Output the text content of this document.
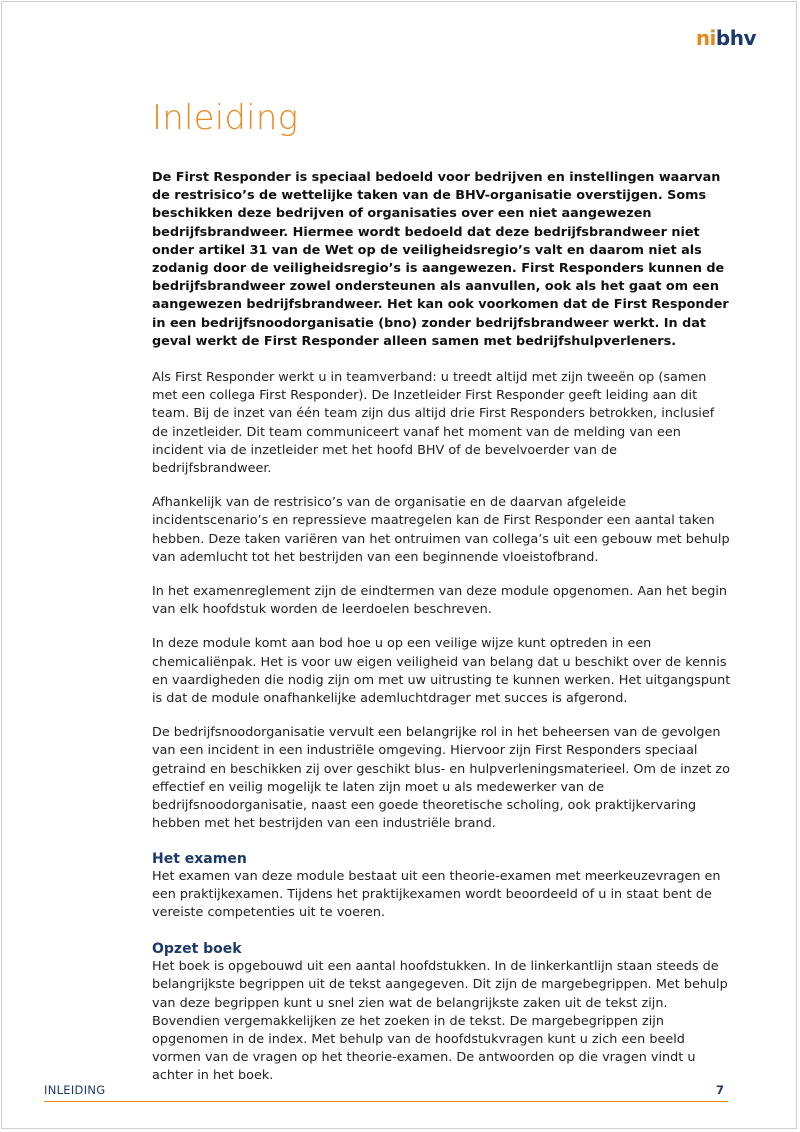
nibhv
Inleiding

De First Responder is speciaal bedoeld voor bedrijven en instellingen waarvan de restrisico’s de wettelijke taken van de BHV-organisatie overstijgen. Soms beschikken deze bedrijven of organisaties over een niet aangewezen bedrijfsbrandweer. Hiermee wordt bedoeld dat deze bedrijfsbrandweer niet onder artikel 31 van de Wet op de veiligheidsregio’s valt en daarom niet als zodanig door de veiligheidsregio’s is aangewezen. First Responders kunnen de bedrijfsbrandweer zowel ondersteunen als aanvullen, ook als het gaat om een aangewezen bedrijfsbrandweer. Het kan ook voorkomen dat de First Responder in een bedrijfsnoodorganisatie (bno) zonder bedrijfsbrandweer werkt. In dat geval werkt de First Responder alleen samen met bedrijfshulpverleners.

Als First Responder werkt u in teamverband: u treedt altijd met zijn tweeën op (samen met een collega First Responder). De Inzetleider First Responder geeft leiding aan dit team. Bij de inzet van één team zijn dus altijd drie First Responders betrokken, inclusief de inzetleider. Dit team communiceert vanaf het moment van de melding van een incident via de inzetleider met het hoofd BHV of de bevelvoerder van de bedrijfsbrandweer.

Afhankelijk van de restrisico’s van de organisatie en de daarvan afgeleide incidentscenario’s en repressieve maatregelen kan de First Responder een aantal taken hebben. Deze taken variëren van het ontruimen van collega’s uit een gebouw met behulp van ademlucht tot het bestrijden van een beginnende vloeistofbrand.

In het examenreglement zijn de eindtermen van deze module opgenomen. Aan het begin van elk hoofdstuk worden de leerdoelen beschreven.

In deze module komt aan bod hoe u op een veilige wijze kunt optreden in een chemicaliënpak. Het is voor uw eigen veiligheid van belang dat u beschikt over de kennis en vaardigheden die nodig zijn om met uw uitrusting te kunnen werken. Het uitgangspunt is dat de module onafhankelijke ademluchtdrager met succes is afgerond.

De bedrijfsnoodorganisatie vervult een belangrijke rol in het beheersen van de gevolgen van een incident in een industriële omgeving. Hiervoor zijn First Responders speciaal getraind en beschikken zij over geschikt blus- en hulpverleningsmaterieel. Om de inzet zo effectief en veilig mogelijk te laten zijn moet u als medewerker van de bedrijfsnoodorganisatie, naast een goede theoretische scholing, ook praktijkervaring hebben met het bestrijden van een industriële brand.

Het examen

Het examen van deze module bestaat uit een theorie-examen met meerkeuzevragen en een praktijkexamen. Tijdens het praktijkexamen wordt beoordeeld of u in staat bent de vereiste competenties uit te voeren.

Opzet boek

Het boek is opgebouwd uit een aantal hoofdstukken. In de linkerkantlijn staan steeds de belangrijkste begrippen uit de tekst aangegeven. Dit zijn de margebegrippen. Met behulp van deze begrippen kunt u snel zien wat de belangrijkste zaken uit de tekst zijn. Bovendien vergemakkelijken ze het zoeken in de tekst. De margebegrippen zijn opgenomen in de index. Met behulp van de hoofdstukvragen kunt u zich een beeld vormen van de vragen op het theorie-examen. De antwoorden op die vragen vindt u achter in het boek.

INLEIDING	7
